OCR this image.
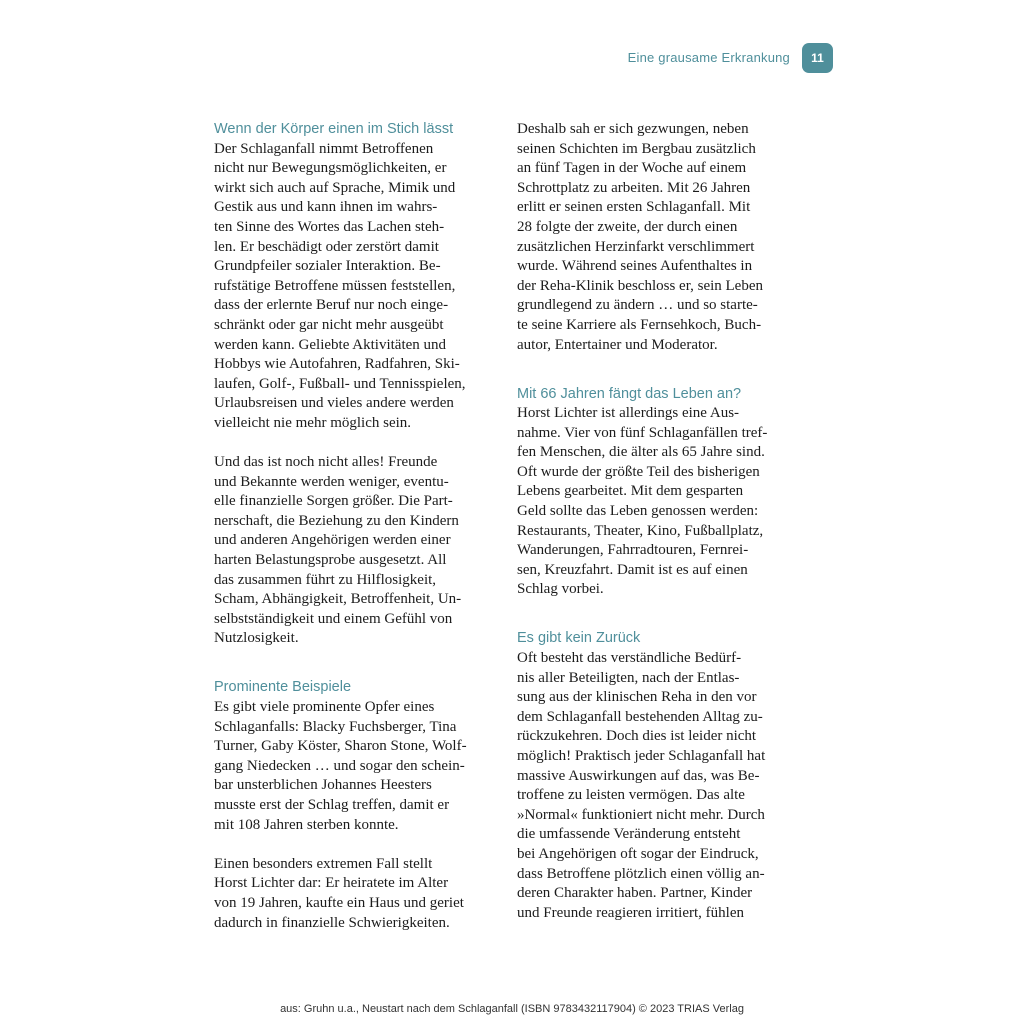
Eine grausame Erkrankung	11
Wenn der Körper einen im Stich lässt
Der Schlaganfall nimmt Betroffenen
nicht nur Bewegungsmöglichkeiten, er
wirkt sich auch auf Sprache, Mimik und
Gestik aus und kann ihnen im wahrs-
ten Sinne des Wortes das Lachen steh-
len. Er beschädigt oder zerstört damit
Grundpfeiler sozialer Interaktion. Be-
rufstätige Betroffene müssen feststellen,
dass der erlernte Beruf nur noch einge-
schränkt oder gar nicht mehr ausgeübt
werden kann. Geliebte Aktivitäten und
Hobbys wie Autofahren, Radfahren, Ski-
laufen, Golf-, Fußball- und Tennisspielen,
Urlaubsreisen und vieles andere werden
vielleicht nie mehr möglich sein.
Und das ist noch nicht alles! Freunde
und Bekannte werden weniger, eventu-
elle finanzielle Sorgen größer. Die Part-
nerschaft, die Beziehung zu den Kindern
und anderen Angehörigen werden einer
harten Belastungsprobe ausgesetzt. All
das zusammen führt zu Hilflosigkeit,
Scham, Abhängigkeit, Betroffenheit, Un-
selbstständigkeit und einem Gefühl von
Nutzlosigkeit.
Prominente Beispiele
Es gibt viele prominente Opfer eines
Schlaganfalls: Blacky Fuchsberger, Tina
Turner, Gaby Köster, Sharon Stone, Wolf-
gang Niedecken … und sogar den schein-
bar unsterblichen Johannes Heesters
musste erst der Schlag treffen, damit er
mit 108 Jahren sterben konnte.
Einen besonders extremen Fall stellt
Horst Lichter dar: Er heiratete im Alter
von 19 Jahren, kaufte ein Haus und geriet
dadurch in finanzielle Schwierigkeiten.
Deshalb sah er sich gezwungen, neben
seinen Schichten im Bergbau zusätzlich
an fünf Tagen in der Woche auf einem
Schrottplatz zu arbeiten. Mit 26 Jahren
erlitt er seinen ersten Schlaganfall. Mit
28 folgte der zweite, der durch einen
zusätzlichen Herzinfarkt verschlimmert
wurde. Während seines Aufenthaltes in
der Reha-Klinik beschloss er, sein Leben
grundlegend zu ändern … und so starte-
te seine Karriere als Fernsehkoch, Buch-
autor, Entertainer und Moderator.
Mit 66 Jahren fängt das Leben an?
Horst Lichter ist allerdings eine Aus-
nahme. Vier von fünf Schlaganfällen tref-
fen Menschen, die älter als 65 Jahre sind.
Oft wurde der größte Teil des bisherigen
Lebens gearbeitet. Mit dem gesparten
Geld sollte das Leben genossen werden:
Restaurants, Theater, Kino, Fußballplatz,
Wanderungen, Fahrradtouren, Fernrei-
sen, Kreuzfahrt. Damit ist es auf einen
Schlag vorbei.
Es gibt kein Zurück
Oft besteht das verständliche Bedürf-
nis aller Beteiligten, nach der Entlas-
sung aus der klinischen Reha in den vor
dem Schlaganfall bestehenden Alltag zu-
rückzukehren. Doch dies ist leider nicht
möglich! Praktisch jeder Schlaganfall hat
massive Auswirkungen auf das, was Be-
troffene zu leisten vermögen. Das alte
»Normal« funktioniert nicht mehr. Durch
die umfassende Veränderung entsteht
bei Angehörigen oft sogar der Eindruck,
dass Betroffene plötzlich einen völlig an-
deren Charakter haben. Partner, Kinder
und Freunde reagieren irritiert, fühlen
aus: Gruhn u.a., Neustart nach dem Schlaganfall (ISBN 9783432117904) © 2023 TRIAS Verlag
